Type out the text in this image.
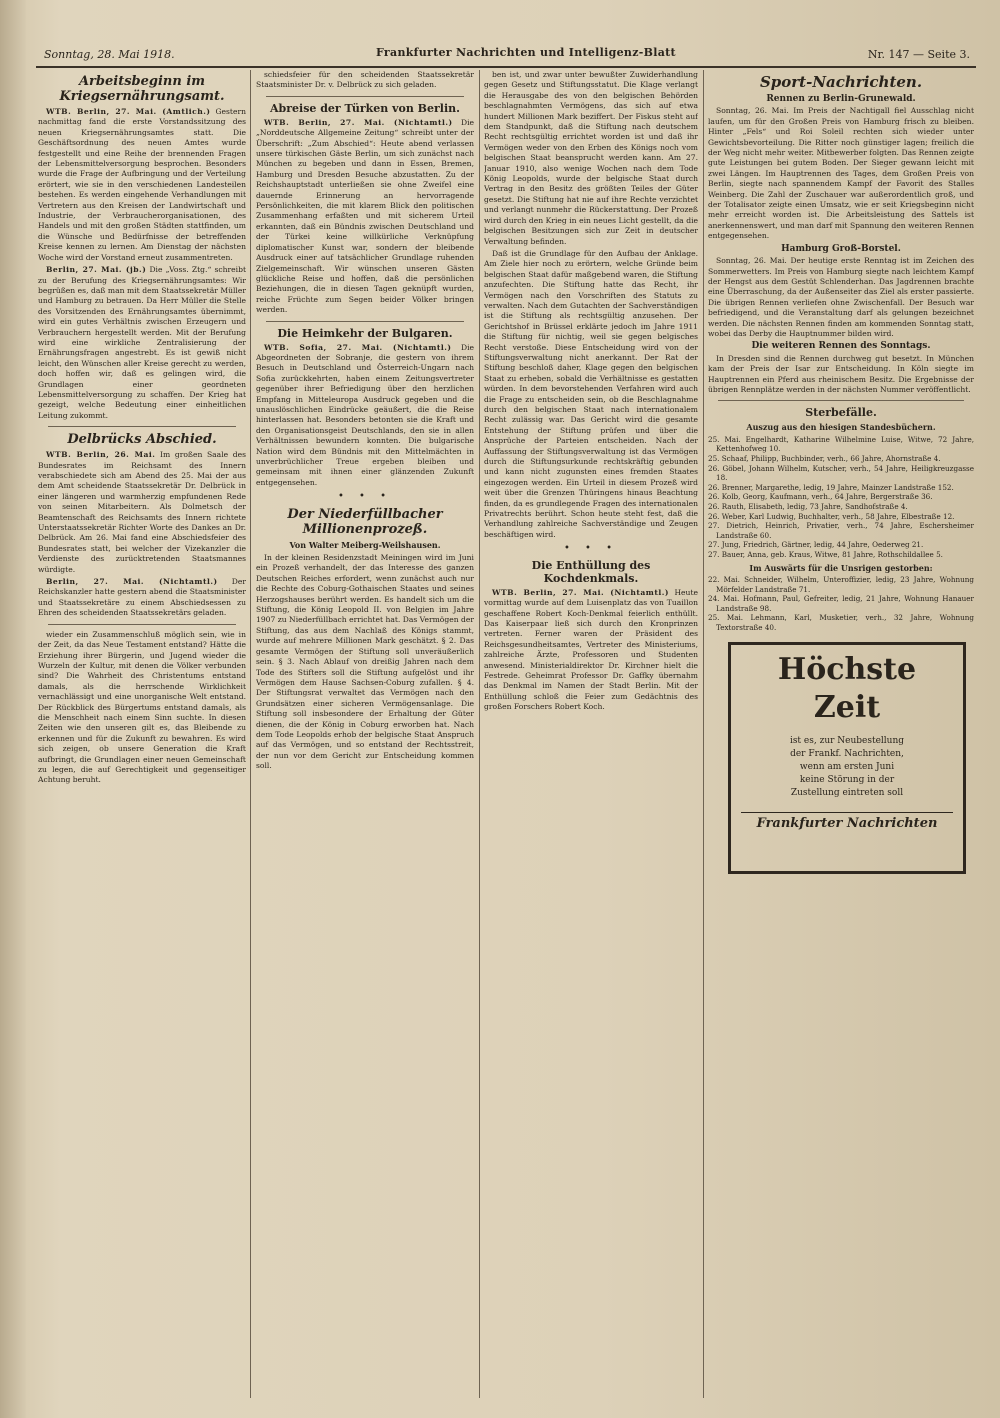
Sonntag, 28. Mai 1918.	Frankfurter Nachrichten und Intelligenz-Blatt	Nr. 147 — Seite 3.
Arbeitsbeginn im Kriegsernährungsamt.

WTB. Berlin, 27. Mai. (Amtlich.) Gestern nachmittag fand die erste Vorstandssitzung des neuen Kriegsernährungsamtes statt. Die Geschäftsordnung des neuen Amtes wurde festgestellt und eine Reihe der brennenden Fragen der Lebensmittelversorgung besprochen. Besonders wurde die Frage der Aufbringung und der Verteilung erörtert, wie sie in den verschiedenen Landesteilen bestehen. Es werden eingehende Verhandlungen mit Vertretern aus den Kreisen der Landwirtschaft und Industrie, der Verbraucherorganisationen, des Handels und mit den großen Städten stattfinden, um die Wünsche und Bedürfnisse der betreffenden Kreise kennen zu lernen. Am Dienstag der nächsten Woche wird der Vorstand erneut zusammentreten.

Berlin, 27. Mai. (jb.) Die „Voss. Ztg.“ schreibt zu der Berufung des Kriegsernährungsamtes: Wir begrüßen es, daß man mit dem Staatssekretär Müller und Hamburg zu betrauen. Da Herr Müller die Stelle des Vorsitzenden des Ernährungsamtes übernimmt, wird ein gutes Verhältnis zwischen Erzeugern und Verbrauchern hergestellt werden. Mit der Berufung wird eine wirkliche Zentralisierung der Ernährungsfragen angestrebt. Es ist gewiß nicht leicht, den Wünschen aller Kreise gerecht zu werden, doch hoffen wir, daß es gelingen wird, die Grundlagen einer geordneten Lebensmittelversorgung zu schaffen. Der Krieg hat gezeigt, welche Bedeutung einer einheitlichen Leitung zukommt.

Delbrücks Abschied.

WTB. Berlin, 26. Mai. Im großen Saale des Bundesrates im Reichsamt des Innern verabschiedete sich am Abend des 25. Mai der aus dem Amt scheidende Staatssekretär Dr. Delbrück in einer längeren und warmherzig empfundenen Rede von seinen Mitarbeitern. Als Dolmetsch der Beamtenschaft des Reichsamts des Innern richtete Unterstaatssekretär Richter Worte des Dankes an Dr. Delbrück. Am 26. Mai fand eine Abschiedsfeier des Bundesrates statt, bei welcher der Vizekanzler die Verdienste des zurücktretenden Staatsmannes würdigte.

Berlin, 27. Mai. (Nichtamtl.) Der Reichskanzler hatte gestern abend die Staatsminister und Staatssekretäre zu einem Abschiedsessen zu Ehren des scheidenden Staatssekretärs geladen.

wieder ein Zusammenschluß möglich sein, wie in der Zeit, da das Neue Testament entstand? Hätte die Erziehung ihrer Bürgerin, und Jugend wieder die Wurzeln der Kultur, mit denen die Völker verbunden sind? Die Wahrheit des Christentums entstand damals, als die herrschende Wirklichkeit vernachlässigt und eine unorganische Welt entstand. Der Rückblick des Bürgertums entstand damals, als die Menschheit nach einem Sinn suchte. In diesen Zeiten wie den unseren gilt es, das Bleibende zu erkennen und für die Zukunft zu bewahren. Es wird sich zeigen, ob unsere Generation die Kraft aufbringt, die Grundlagen einer neuen Gemeinschaft zu legen, die auf Gerechtigkeit und gegenseitiger Achtung beruht.

schiedsfeier für den scheidenden Staatssekretär Staatsminister Dr. v. Delbrück zu sich geladen.

Abreise der Türken von Berlin.

WTB. Berlin, 27. Mai. (Nichtamtl.) Die „Norddeutsche Allgemeine Zeitung“ schreibt unter der Überschrift: „Zum Abschied“: Heute abend verlassen unsere türkischen Gäste Berlin, um sich zunächst nach München zu begeben und dann in Essen, Bremen, Hamburg und Dresden Besuche abzustatten. Zu der Reichshauptstadt unterließen sie ohne Zweifel eine dauernde Erinnerung an hervorragende Persönlichkeiten, die mit klarem Blick den politischen Zusammenhang erfaßten und mit sicherem Urteil erkannten, daß ein Bündnis zwischen Deutschland und der Türkei keine willkürliche Verknüpfung diplomatischer Kunst war, sondern der bleibende Ausdruck einer auf tatsächlicher Grundlage ruhenden Zielgemeinschaft. Wir wünschen unseren Gästen glückliche Reise und hoffen, daß die persönlichen Beziehungen, die in diesen Tagen geknüpft wurden, reiche Früchte zum Segen beider Völker bringen werden.

Die Heimkehr der Bulgaren.

WTB. Sofia, 27. Mai. (Nichtamtl.) Die Abgeordneten der Sobranje, die gestern von ihrem Besuch in Deutschland und Österreich-Ungarn nach Sofia zurückkehrten, haben einem Zeitungsvertreter gegenüber ihrer Befriedigung über den herzlichen Empfang in Mitteleuropa Ausdruck gegeben und die unauslöschlichen Eindrücke geäußert, die die Reise hinterlassen hat. Besonders betonten sie die Kraft und den Organisationsgeist Deutschlands, den sie in allen Verhältnissen bewundern konnten. Die bulgarische Nation wird dem Bündnis mit den Mittelmächten in unverbrüchlicher Treue ergeben bleiben und gemeinsam mit ihnen einer glänzenden Zukunft entgegensehen.

• • •
Der Niederfüllbacher Millionenprozeß.
Von Walter Meiberg-Weilshausen.

In der kleinen Residenzstadt Meiningen wird im Juni ein Prozeß verhandelt, der das Interesse des ganzen Deutschen Reiches erfordert, wenn zunächst auch nur die Rechte des Coburg-Gothaischen Staates und seines Herzogshauses berührt werden. Es handelt sich um die Stiftung, die König Leopold II. von Belgien im Jahre 1907 zu Niederfüllbach errichtet hat. Das Vermögen der Stiftung, das aus dem Nachlaß des Königs stammt, wurde auf mehrere Millionen Mark geschätzt. § 2. Das gesamte Vermögen der Stiftung soll unveräußerlich sein. § 3. Nach Ablauf von dreißig Jahren nach dem Tode des Stifters soll die Stiftung aufgelöst und ihr Vermögen dem Hause Sachsen-Coburg zufallen. § 4. Der Stiftungsrat verwaltet das Vermögen nach den Grundsätzen einer sicheren Vermögensanlage. Die Stiftung soll insbesondere der Erhaltung der Güter dienen, die der König in Coburg erworben hat. Nach dem Tode Leopolds erhob der belgische Staat Anspruch auf das Vermögen, und so entstand der Rechtsstreit, der nun vor dem Gericht zur Entscheidung kommen soll.

ben ist, und zwar unter bewußter Zuwiderhandlung gegen Gesetz und Stiftungsstatut. Die Klage verlangt die Herausgabe des von den belgischen Behörden beschlagnahmten Vermögens, das sich auf etwa hundert Millionen Mark beziffert. Der Fiskus steht auf dem Standpunkt, daß die Stiftung nach deutschem Recht rechtsgültig errichtet worden ist und daß ihr Vermögen weder von den Erben des Königs noch vom belgischen Staat beansprucht werden kann. Am 27. Januar 1910, also wenige Wochen nach dem Tode König Leopolds, wurde der belgische Staat durch Vertrag in den Besitz des größten Teiles der Güter gesetzt. Die Stiftung hat nie auf ihre Rechte verzichtet und verlangt nunmehr die Rückerstattung. Der Prozeß wird durch den Krieg in ein neues Licht gestellt, da die belgischen Besitzungen sich zur Zeit in deutscher Verwaltung befinden.

Daß ist die Grundlage für den Aufbau der Anklage. Am Ziele hier noch zu erörtern, welche Gründe beim belgischen Staat dafür maßgebend waren, die Stiftung anzufechten. Die Stiftung hatte das Recht, ihr Vermögen nach den Vorschriften des Statuts zu verwalten. Nach dem Gutachten der Sachverständigen ist die Stiftung als rechtsgültig anzusehen. Der Gerichtshof in Brüssel erklärte jedoch im Jahre 1911 die Stiftung für nichtig, weil sie gegen belgisches Recht verstoße. Diese Entscheidung wird von der Stiftungsverwaltung nicht anerkannt. Der Rat der Stiftung beschloß daher, Klage gegen den belgischen Staat zu erheben, sobald die Verhältnisse es gestatten würden. In dem bevorstehenden Verfahren wird auch die Frage zu entscheiden sein, ob die Beschlagnahme durch den belgischen Staat nach internationalem Recht zulässig war. Das Gericht wird die gesamte Entstehung der Stiftung prüfen und über die Ansprüche der Parteien entscheiden. Nach der Auffassung der Stiftungsverwaltung ist das Vermögen durch die Stiftungsurkunde rechtskräftig gebunden und kann nicht zugunsten eines fremden Staates eingezogen werden. Ein Urteil in diesem Prozeß wird weit über die Grenzen Thüringens hinaus Beachtung finden, da es grundlegende Fragen des internationalen Privatrechts berührt. Schon heute steht fest, daß die Verhandlung zahlreiche Sachverständige und Zeugen beschäftigen wird.

• • •
Die Enthüllung des Kochdenkmals.

WTB. Berlin, 27. Mai. (Nichtamtl.) Heute vormittag wurde auf dem Luisenplatz das von Tuaillon geschaffene Robert Koch-Denkmal feierlich enthüllt. Das Kaiserpaar ließ sich durch den Kronprinzen vertreten. Ferner waren der Präsident des Reichsgesundheitsamtes, Vertreter des Ministeriums, zahlreiche Ärzte, Professoren und Studenten anwesend. Ministerialdirektor Dr. Kirchner hielt die Festrede. Geheimrat Professor Dr. Gaffky übernahm das Denkmal im Namen der Stadt Berlin. Mit der Enthüllung schloß die Feier zum Gedächtnis des großen Forschers Robert Koch.

Sport-Nachrichten.
Rennen zu Berlin-Grunewald.

Sonntag, 26. Mai. Im Preis der Nachtigall fiel Ausschlag nicht laufen, um für den Großen Preis von Hamburg frisch zu bleiben. Hinter „Fels“ und Roi Soleil rechten sich wieder unter Gewichtsbevorteilung. Die Ritter noch günstiger lagen; freilich die der Weg nicht mehr weiter. Mitbewerber folgten. Das Rennen zeigte gute Leistungen bei gutem Boden. Der Sieger gewann leicht mit zwei Längen. Im Hauptrennen des Tages, dem Großen Preis von Berlin, siegte nach spannendem Kampf der Favorit des Stalles Weinberg. Die Zahl der Zuschauer war außerordentlich groß, und der Totalisator zeigte einen Umsatz, wie er seit Kriegsbeginn nicht mehr erreicht worden ist. Die Arbeitsleistung des Sattels ist anerkennenswert, und man darf mit Spannung den weiteren Rennen entgegensehen.

Hamburg Groß-Borstel.

Sonntag, 26. Mai. Der heutige erste Renntag ist im Zeichen des Sommerwetters. Im Preis von Hamburg siegte nach leichtem Kampf der Hengst aus dem Gestüt Schlenderhan. Das Jagdrennen brachte eine Überraschung, da der Außenseiter das Ziel als erster passierte. Die übrigen Rennen verliefen ohne Zwischenfall. Der Besuch war befriedigend, und die Veranstaltung darf als gelungen bezeichnet werden. Die nächsten Rennen finden am kommenden Sonntag statt, wobei das Derby die Hauptnummer bilden wird.

Die weiteren Rennen des Sonntags.

In Dresden sind die Rennen durchweg gut besetzt. In München kam der Preis der Isar zur Entscheidung. In Köln siegte im Hauptrennen ein Pferd aus rheinischem Besitz. Die Ergebnisse der übrigen Rennplätze werden in der nächsten Nummer veröffentlicht.

Sterbefälle.
Auszug aus den hiesigen Standesbüchern.

25. Mai. Engelhardt, Katharine Wilhelmine Luise, Witwe, 72 Jahre, Kettenhofweg 10.

25. Schaaf, Philipp, Buchbinder, verh., 66 Jahre, Ahornstraße 4.

26. Göbel, Johann Wilhelm, Kutscher, verh., 54 Jahre, Heiligkreuzgasse 18.

26. Brenner, Margarethe, ledig, 19 Jahre, Mainzer Landstraße 152.

26. Kolb, Georg, Kaufmann, verh., 64 Jahre, Bergerstraße 36.

26. Rauth, Elisabeth, ledig, 73 Jahre, Sandhofstraße 4.

26. Weber, Karl Ludwig, Buchhalter, verh., 58 Jahre, Elbestraße 12.

27. Dietrich, Heinrich, Privatier, verh., 74 Jahre, Eschersheimer Landstraße 60.

27. Jung, Friedrich, Gärtner, ledig, 44 Jahre, Oederweg 21.

27. Bauer, Anna, geb. Kraus, Witwe, 81 Jahre, Rothschildallee 5.

Im Auswärts für die Unsrigen gestorben:

22. Mai. Schneider, Wilhelm, Unteroffizier, ledig, 23 Jahre, Wohnung Mörfelder Landstraße 71.

24. Mai. Hofmann, Paul, Gefreiter, ledig, 21 Jahre, Wohnung Hanauer Landstraße 98.

25. Mai. Lehmann, Karl, Musketier, verh., 32 Jahre, Wohnung Textorstraße 40.

Höchste Zeit
ist es, zur Neubestellung
der Frankf. Nachrichten,
wenn am ersten Juni
keine Störung in der
Zustellung eintreten soll
Frankfurter Nachrichten
